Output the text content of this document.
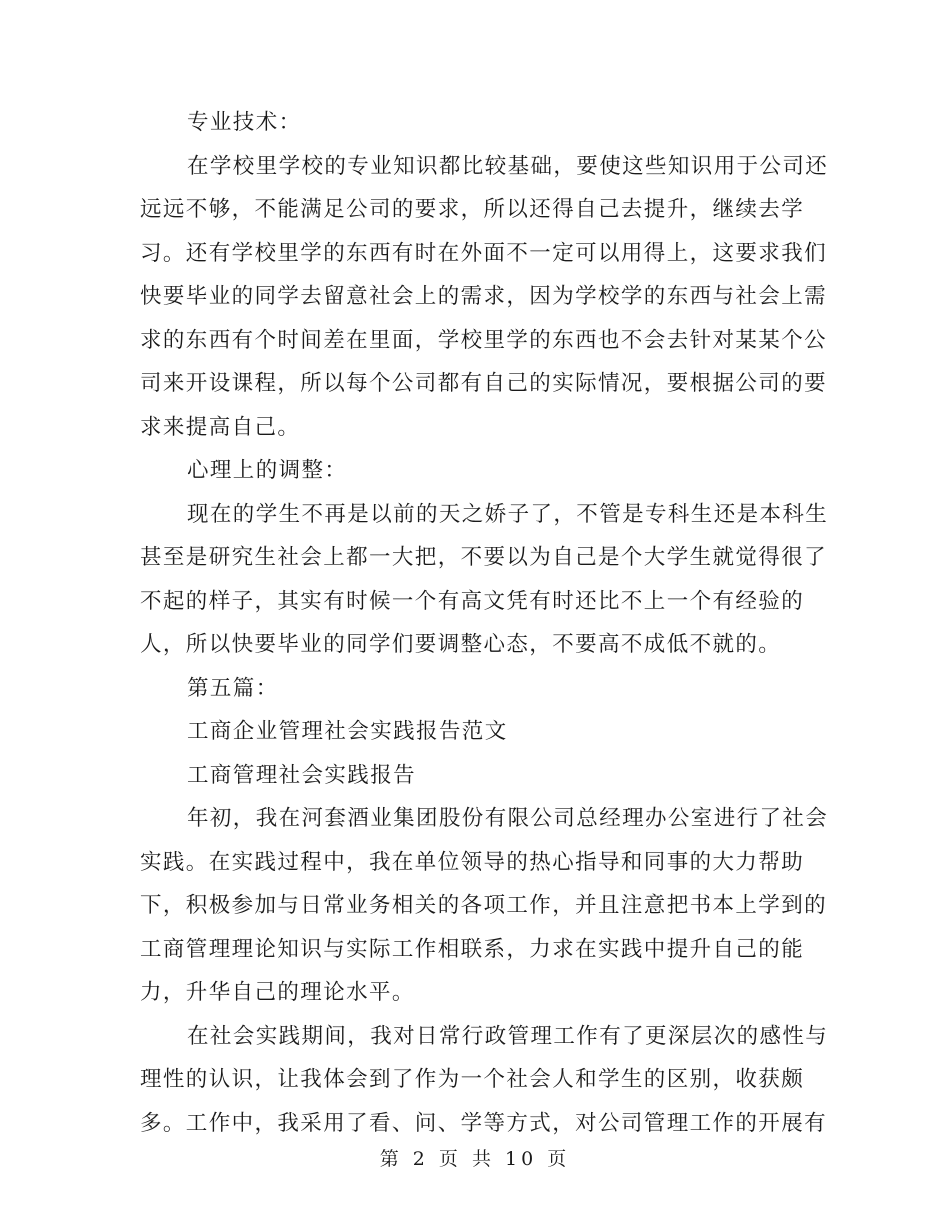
专业技术：
在学校里学校的专业知识都比较基础，要使这些知识用于公司还
远远不够，不能满足公司的要求，所以还得自己去提升，继续去学
习。还有学校里学的东西有时在外面不一定可以用得上，这要求我们
快要毕业的同学去留意社会上的需求，因为学校学的东西与社会上需
求的东西有个时间差在里面，学校里学的东西也不会去针对某某个公
司来开设课程，所以每个公司都有自己的实际情况，要根据公司的要
求来提高自己。
心理上的调整：
现在的学生不再是以前的天之娇子了，不管是专科生还是本科生
甚至是研究生社会上都一大把，不要以为自己是个大学生就觉得很了
不起的样子，其实有时候一个有高文凭有时还比不上一个有经验的
人，所以快要毕业的同学们要调整心态，不要高不成低不就的。
第五篇：
工商企业管理社会实践报告范文
工商管理社会实践报告
年初，我在河套酒业集团股份有限公司总经理办公室进行了社会
实践。在实践过程中，我在单位领导的热心指导和同事的大力帮助
下，积极参加与日常业务相关的各项工作，并且注意把书本上学到的
工商管理理论知识与实际工作相联系，力求在实践中提升自己的能
力，升华自己的理论水平。
在社会实践期间，我对日常行政管理工作有了更深层次的感性与
理性的认识，让我体会到了作为一个社会人和学生的区别，收获颇
多。工作中，我采用了看、问、学等方式，对公司管理工作的开展有
第 2 页 共 10 页
